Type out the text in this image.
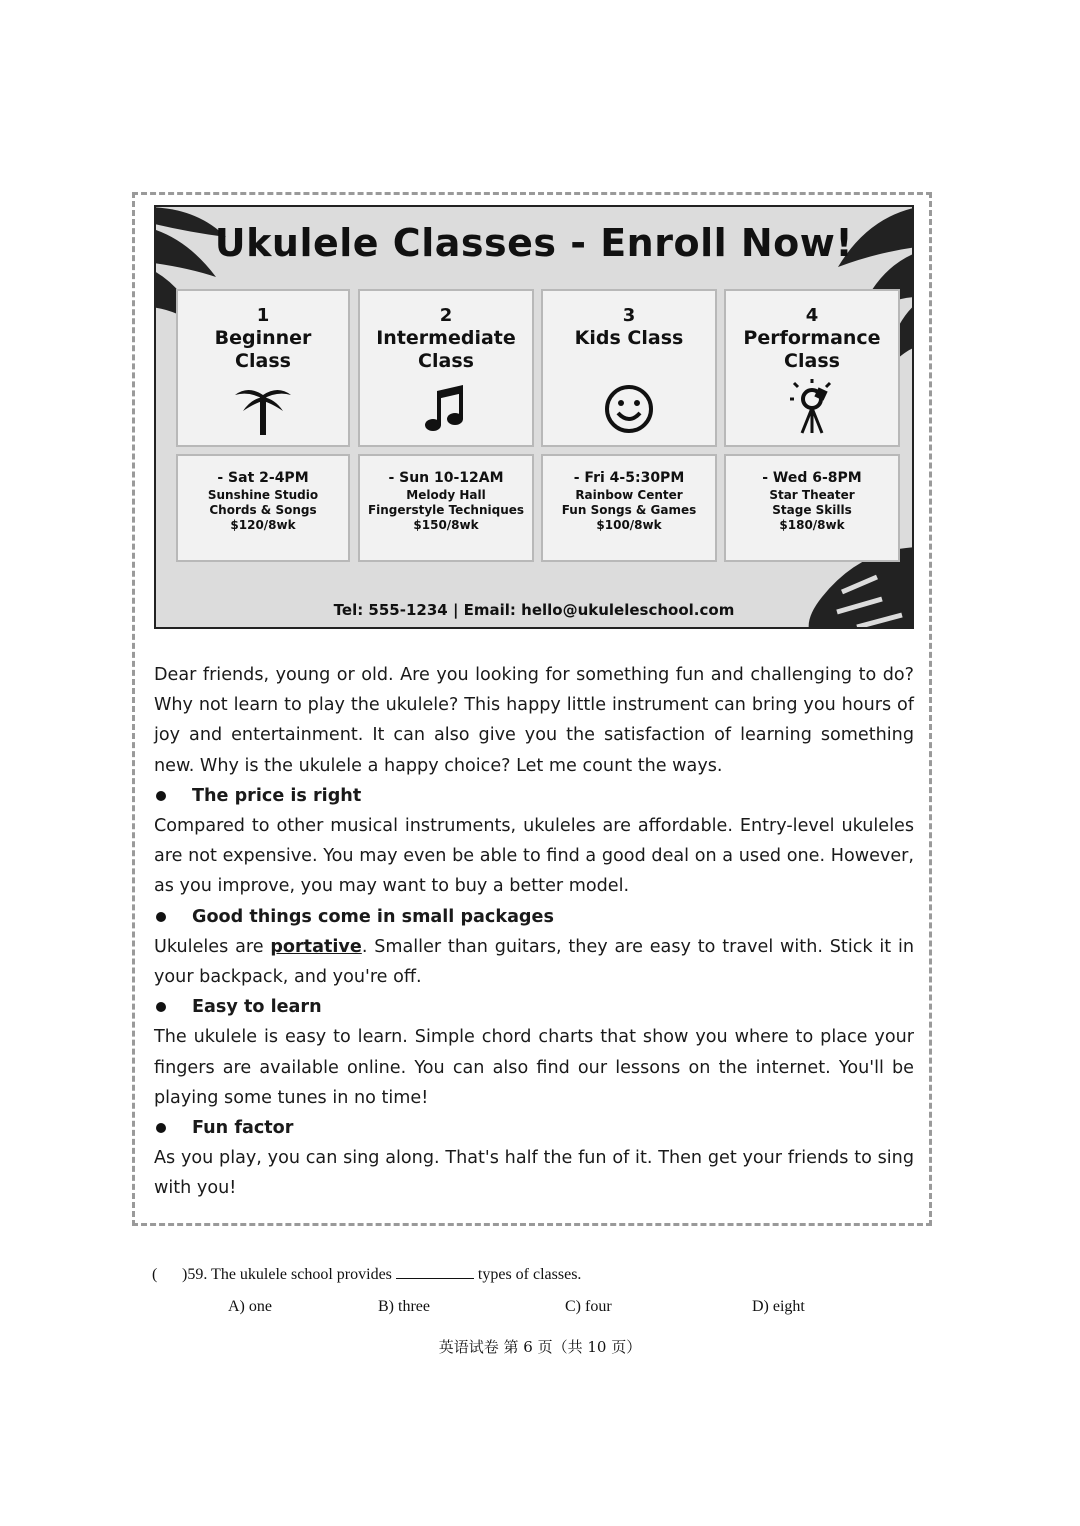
Ukulele Classes - Enroll Now!
1
Beginner
Class
2
Intermediate
Class
3
Kids Class
4
Performance
Class
- Sat 2-4PM
Sunshine Studio
Chords & Songs
$120/8wk
- Sun 10-12AM
Melody Hall
Fingerstyle Techniques
$150/8wk
- Fri 4-5:30PM
Rainbow Center
Fun Songs & Games
$100/8wk
- Wed 6-8PM
Star Theater
Stage Skills
$180/8wk
Tel: 555-1234 | Email: hello@ukuleleschool.com

Dear friends, young or old. Are you looking for something fun and challenging to do? Why not learn to play the ukulele? This happy little instrument can bring you hours of joy and entertainment. It can also give you the satisfaction of learning something new. Why is the ukulele a happy choice? Let me count the ways.

The price is right

Compared to other musical instruments, ukuleles are affordable. Entry-level ukuleles are not expensive. You may even be able to find a good deal on a used one. However, as you improve, you may want to buy a better model.

Good things come in small packages

Ukuleles are portative. Smaller than guitars, they are easy to travel with. Stick it in your backpack, and you're off.

Easy to learn

The ukulele is easy to learn. Simple chord charts that show you where to place your fingers are available online. You can also find our lessons on the internet. You'll be playing some tunes in no time!

Fun factor

As you play, you can sing along. That's half the fun of it. Then get your friends to sing with you!

( )59. The ukulele school provides	types of classes.
A) one	B) three	C) four	D) eight
英语试卷 第 6 页（共 10 页）
